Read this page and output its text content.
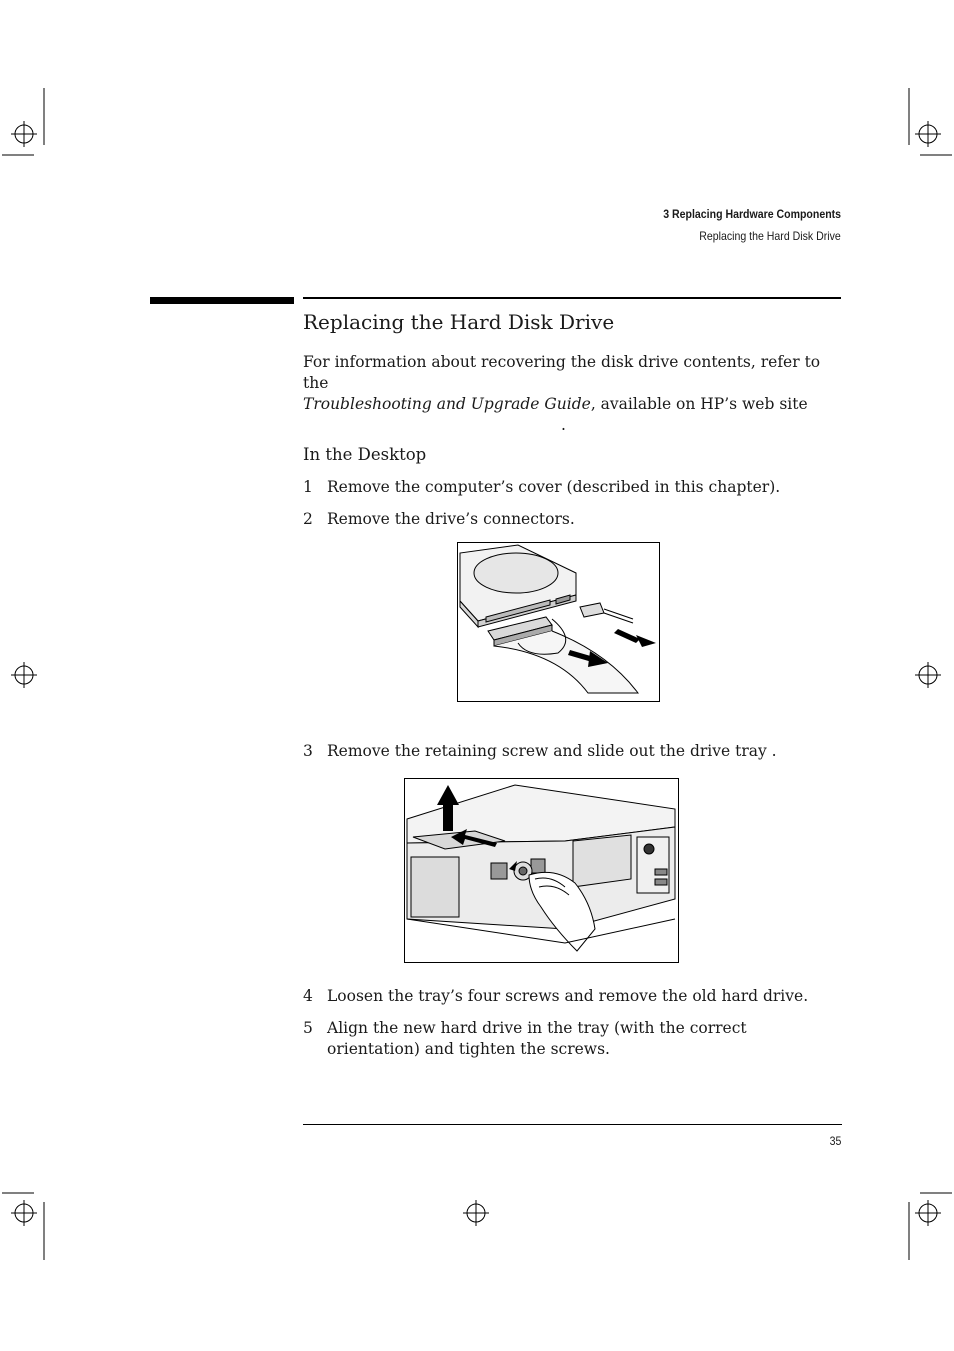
3 Replacing Hardware Components
Replacing the Hard Disk Drive
Replacing the Hard Disk Drive
For information about recovering the disk drive contents, refer to the
Troubleshooting and Upgrade Guide, available on HP’s web site
.
In the Desktop
1 Remove the computer’s cover (described in this chapter).
2 Remove the drive’s connectors.
3 Remove the retaining screw and slide out the drive tray .
4 Loosen the tray’s four screws and remove the old hard drive.
5 Align the new hard drive in the tray (with the correct orientation) and tighten the screws.
35
